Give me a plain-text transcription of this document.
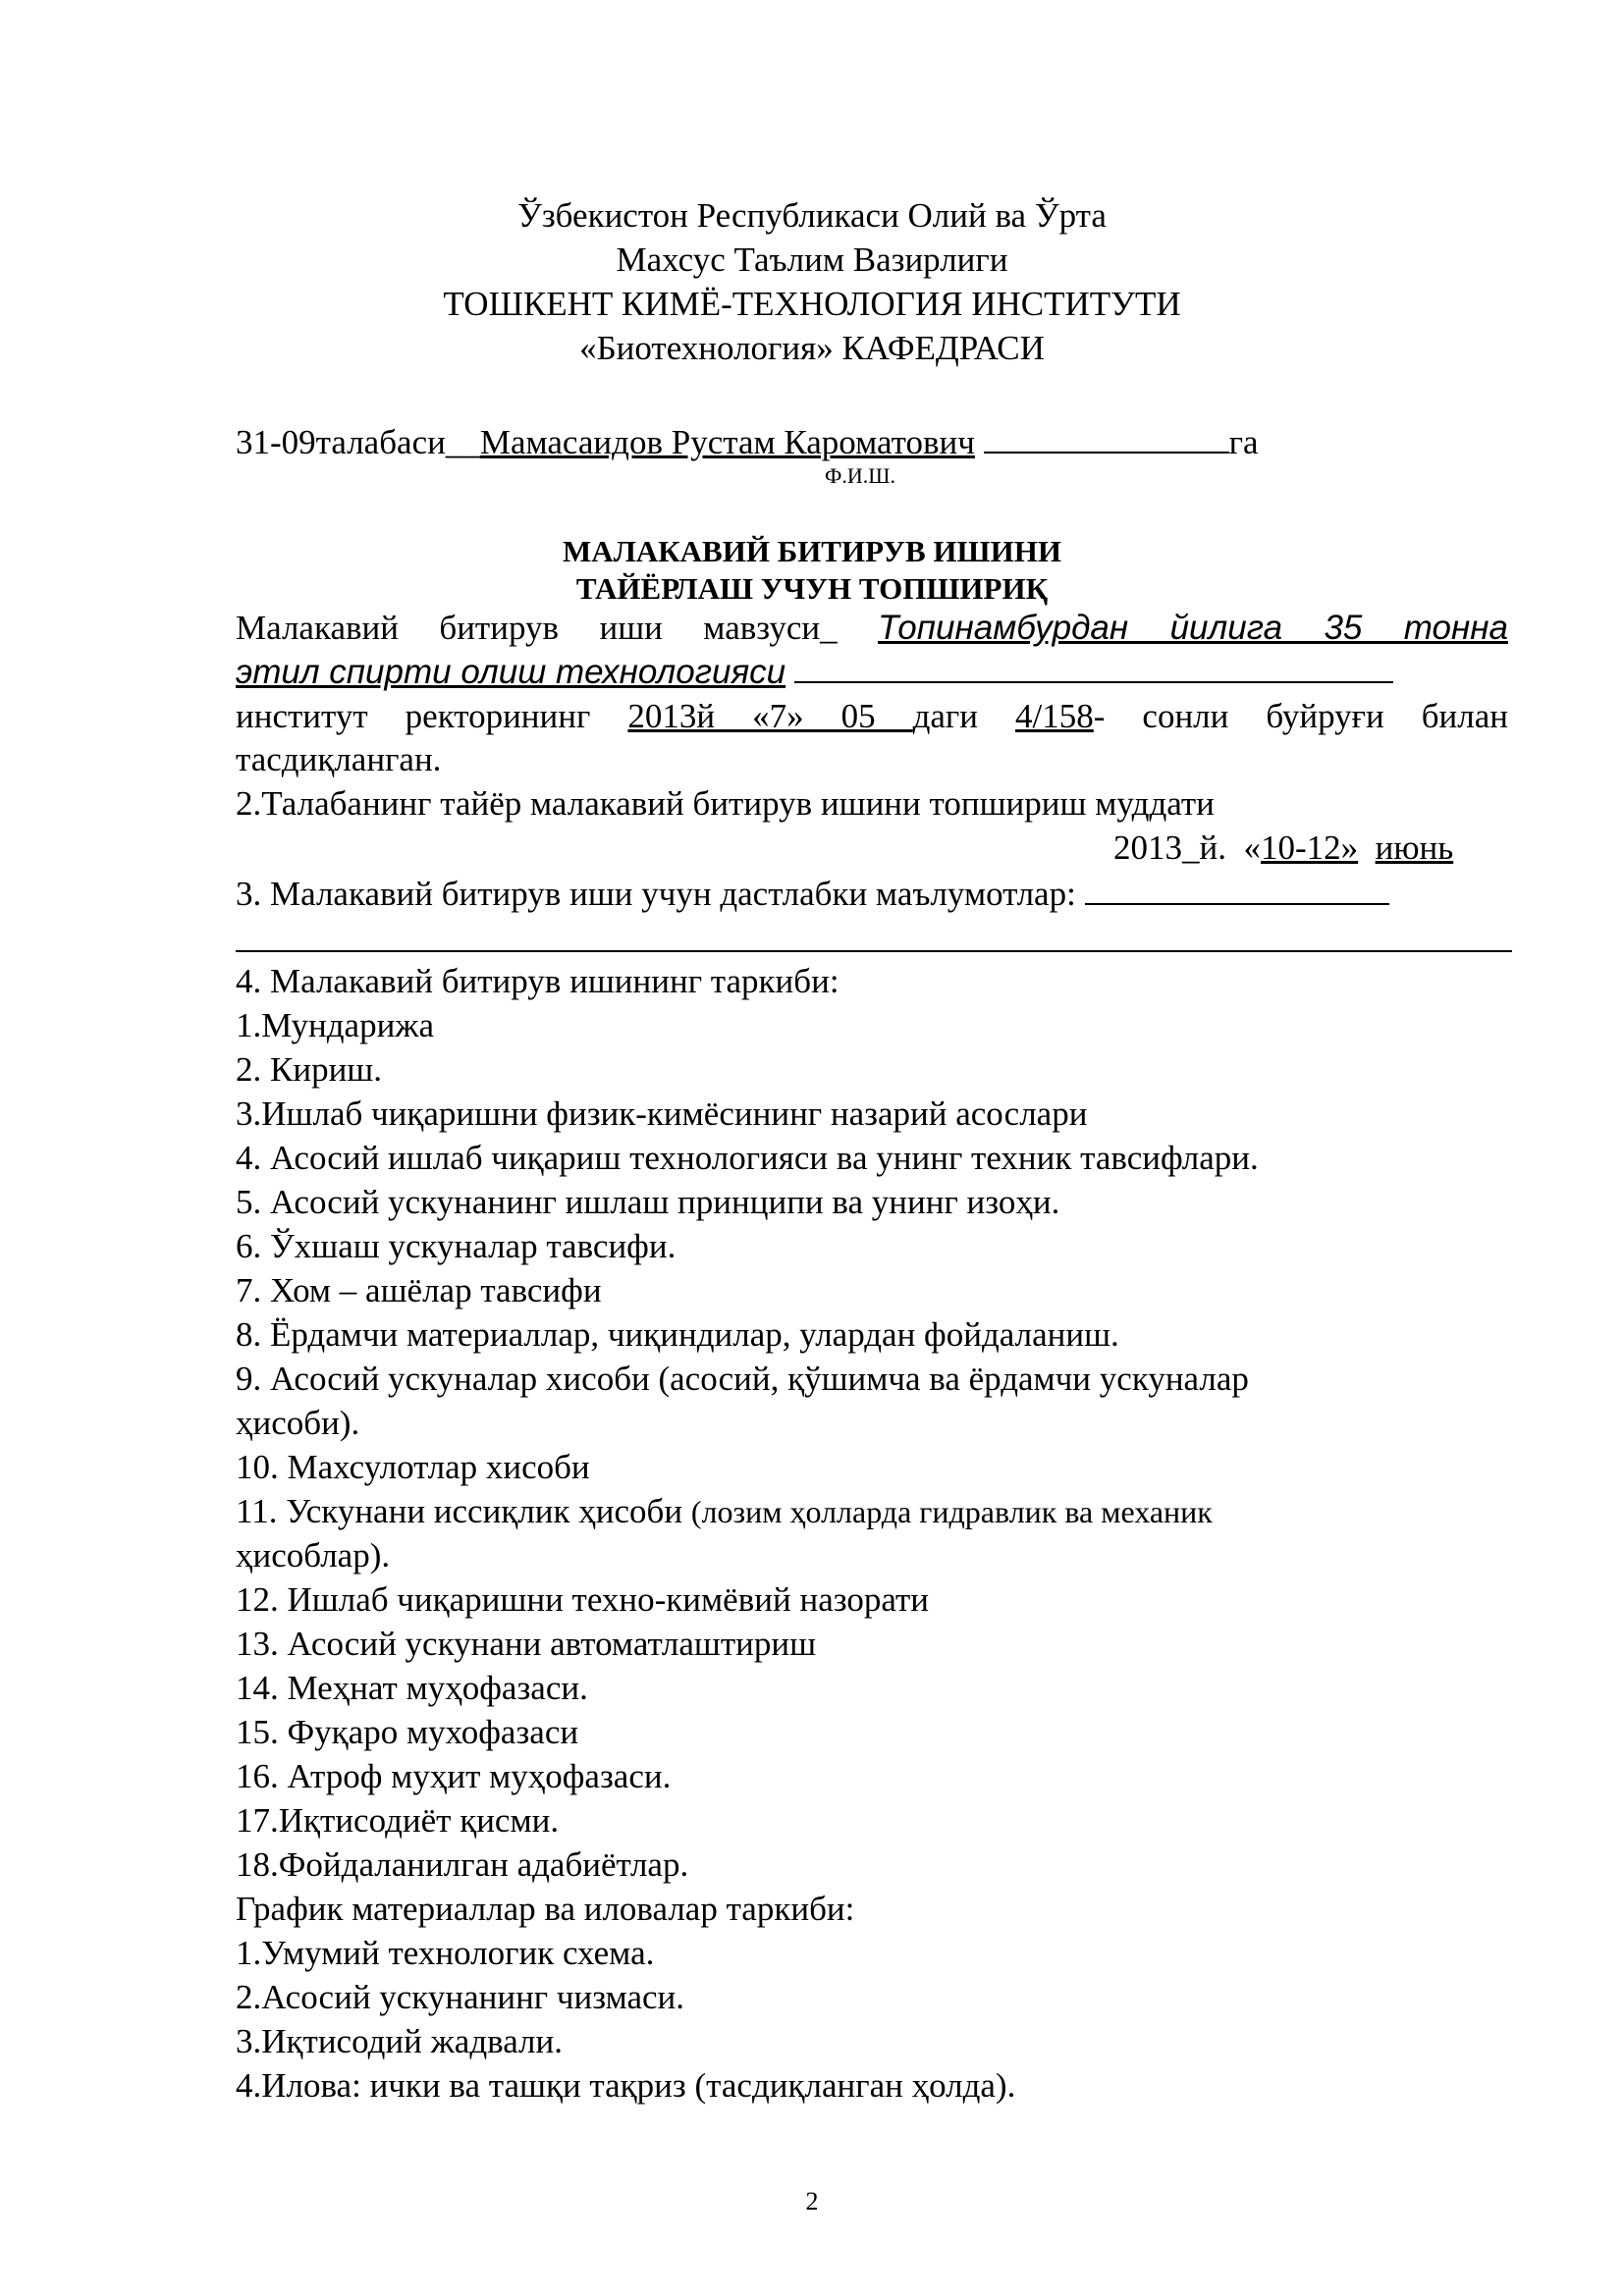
Ўзбекистон Республикаси Олий ва Ўрта
Махсус Таълим Вазирлиги
ТОШКЕНТ КИМЁ-ТЕХНОЛОГИЯ ИНСТИТУТИ
«Биотехнология» КАФЕДРАСИ
31-09талабаси__Мамасаидов Рустам Кароматович	га
Ф.И.Ш.
МАЛАКАВИЙ БИТИРУВ ИШИНИ
ТАЙЁРЛАШ УЧУН ТОПШИРИҚ
Малакавий битирув иши мавзуси_ Топинамбурдан йилига 35 тонна
этил спирти олиш технологияси
институт ректорининг 2013й «7» 05 даги 4/158- сонли буйруғи билан
тасдиқланган.
2.Талабанинг тайёр малакавий битирув ишини топшириш муддати
2013_й. «10-12» июнь
3. Малакавий битирув иши учун дастлабки маълумотлар:
4. Малакавий битирув ишининг таркиби:
1.Мундарижа
2. Кириш.
3.Ишлаб чиқаришни физик-кимёсининг назарий асослари
4. Асосий ишлаб чиқариш технологияси ва унинг техник тавсифлари.
5. Асосий ускунанинг ишлаш принципи ва унинг изоҳи.
6. Ўхшаш ускуналар тавсифи.
7. Хом – ашёлар тавсифи
8. Ёрдамчи материаллар, чиқиндилар, улардан фойдаланиш.
9. Асосий ускуналар хисоби (асосий, қўшимча ва ёрдамчи ускуналар
ҳисоби).
10. Махсулотлар хисоби
11. Ускунани иссиқлик ҳисоби (лозим ҳолларда гидравлик ва механик
ҳисоблар).
12. Ишлаб чиқаришни техно-кимёвий назорати
13. Асосий ускунани автоматлаштириш
14. Меҳнат муҳофазаси.
15. Фуқаро мухофазаси
16. Атроф муҳит муҳофазаси.
17.Иқтисодиёт қисми.
18.Фойдаланилган адабиётлар.
График материаллар ва иловалар таркиби:
1.Умумий технологик схема.
2.Асосий ускунанинг чизмаси.
3.Иқтисодий жадвали.
4.Илова: ички ва ташқи тақриз (тасдиқланган ҳолда).
2
